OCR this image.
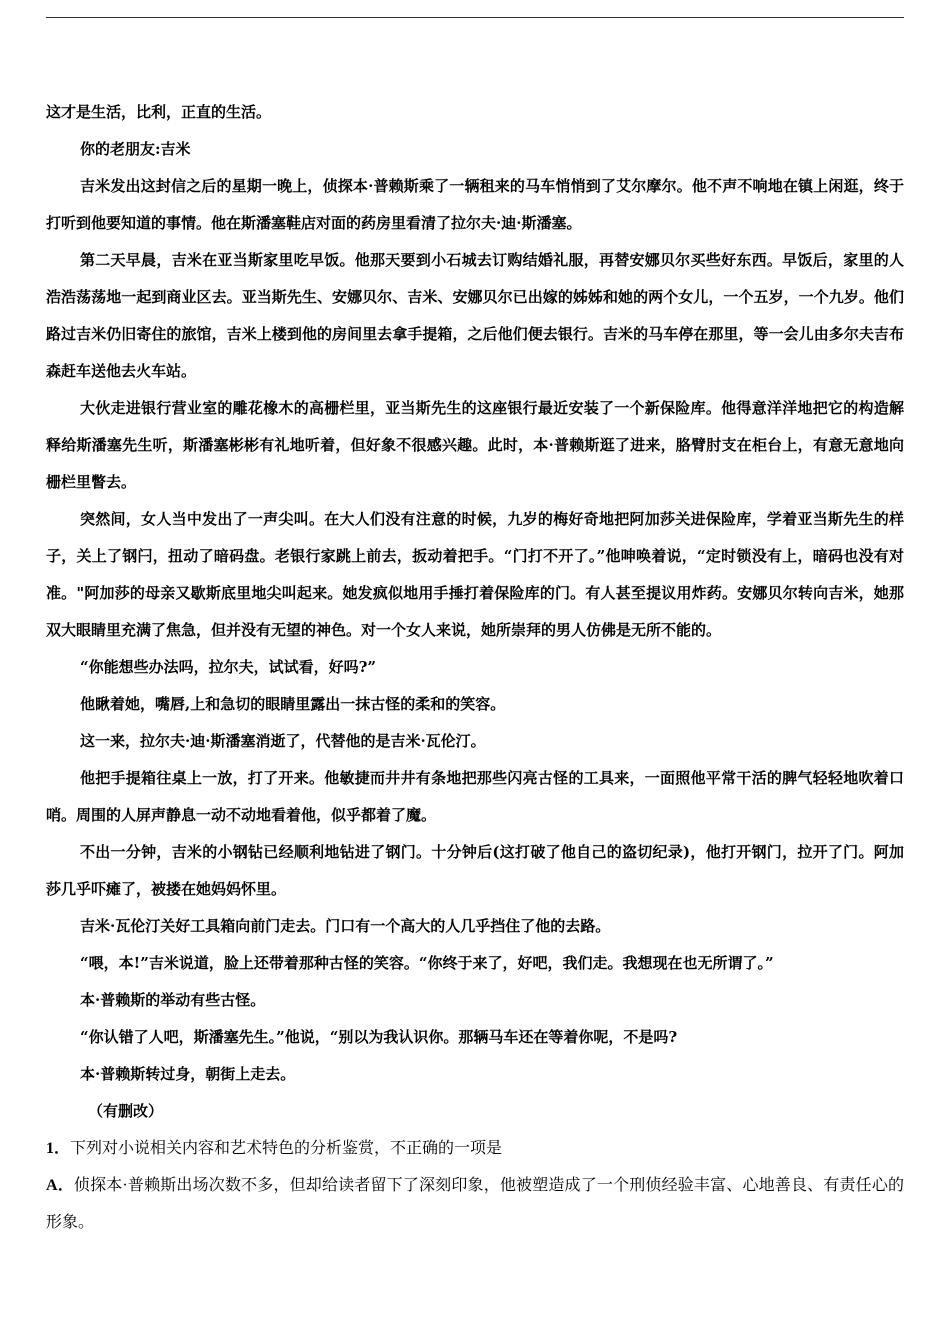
这才是生活，比利，正直的生活。

你的老朋友:吉米

吉米发出这封信之后的星期一晚上，侦探本·普赖斯乘了一辆租来的马车悄悄到了艾尔摩尔。他不声不响地在镇上闲逛，终于打听到他要知道的事情。他在斯潘塞鞋店对面的药房里看清了拉尔夫·迪·斯潘塞。

第二天早晨，吉米在亚当斯家里吃早饭。他那天要到小石城去订购结婚礼服，再替安娜贝尔买些好东西。早饭后，家里的人浩浩荡荡地一起到商业区去。亚当斯先生、安娜贝尔、吉米、安娜贝尔已出嫁的姊姊和她的两个女儿，一个五岁，一个九岁。他们路过吉米仍旧寄住的旅馆，吉米上楼到他的房间里去拿手提箱，之后他们便去银行。吉米的马车停在那里，等一会儿由多尔夫吉布森赶车送他去火车站。

大伙走进银行营业室的雕花橡木的高栅栏里，亚当斯先生的这座银行最近安装了一个新保险库。他得意洋洋地把它的构造解释给斯潘塞先生听，斯潘塞彬彬有礼地听着，但好象不很感兴趣。此时，本·普赖斯逛了进来，胳臂肘支在柜台上，有意无意地向栅栏里瞥去。

突然间，女人当中发出了一声尖叫。在大人们没有注意的时候，九岁的梅好奇地把阿加莎关进保险库，学着亚当斯先生的样子，关上了钢闩，扭动了暗码盘。老银行家跳上前去，扳动着把手。“门打不开了。”他呻唤着说，“定时锁没有上，暗码也没有对准。"阿加莎的母亲又歇斯底里地尖叫起来。她发疯似地用手捶打着保险库的门。有人甚至提议用炸药。安娜贝尔转向吉米，她那双大眼睛里充满了焦急，但并没有无望的神色。对一个女人来说，她所崇拜的男人仿佛是无所不能的。

“你能想些办法吗，拉尔夫，试试看，好吗?”

他瞅着她，嘴唇,上和急切的眼睛里露出一抹古怪的柔和的笑容。

这一来，拉尔夫·迪·斯潘塞消逝了，代替他的是吉米·瓦伦汀。

他把手提箱往桌上一放，打了开来。他敏捷而井井有条地把那些闪亮古怪的工具来，一面照他平常干活的脾气轻轻地吹着口哨。周围的人屏声静息一动不动地看着他，似乎都着了魔。

不出一分钟，吉米的小钢钻已经顺利地钻进了钢门。十分钟后(这打破了他自己的盗切纪录)，他打开钢门，拉开了门。阿加莎几乎吓瘫了，被搂在她妈妈怀里。

吉米·瓦伦汀关好工具箱向前门走去。门口有一个高大的人几乎挡住了他的去路。

“喂，本!”吉米说道，脸上还带着那种古怪的笑容。“你终于来了，好吧，我们走。我想现在也无所谓了。”

本·普赖斯的举动有些古怪。

“你认错了人吧，斯潘塞先生。”他说，“别以为我认识你。那辆马车还在等着你呢，不是吗?

本·普赖斯转过身，朝街上走去。

（有删改）

1．下列对小说相关内容和艺术特色的分析鉴赏，不正确的一项是

A．侦探本·普赖斯出场次数不多，但却给读者留下了深刻印象，他被塑造成了一个刑侦经验丰富、心地善良、有责任心的形象。
